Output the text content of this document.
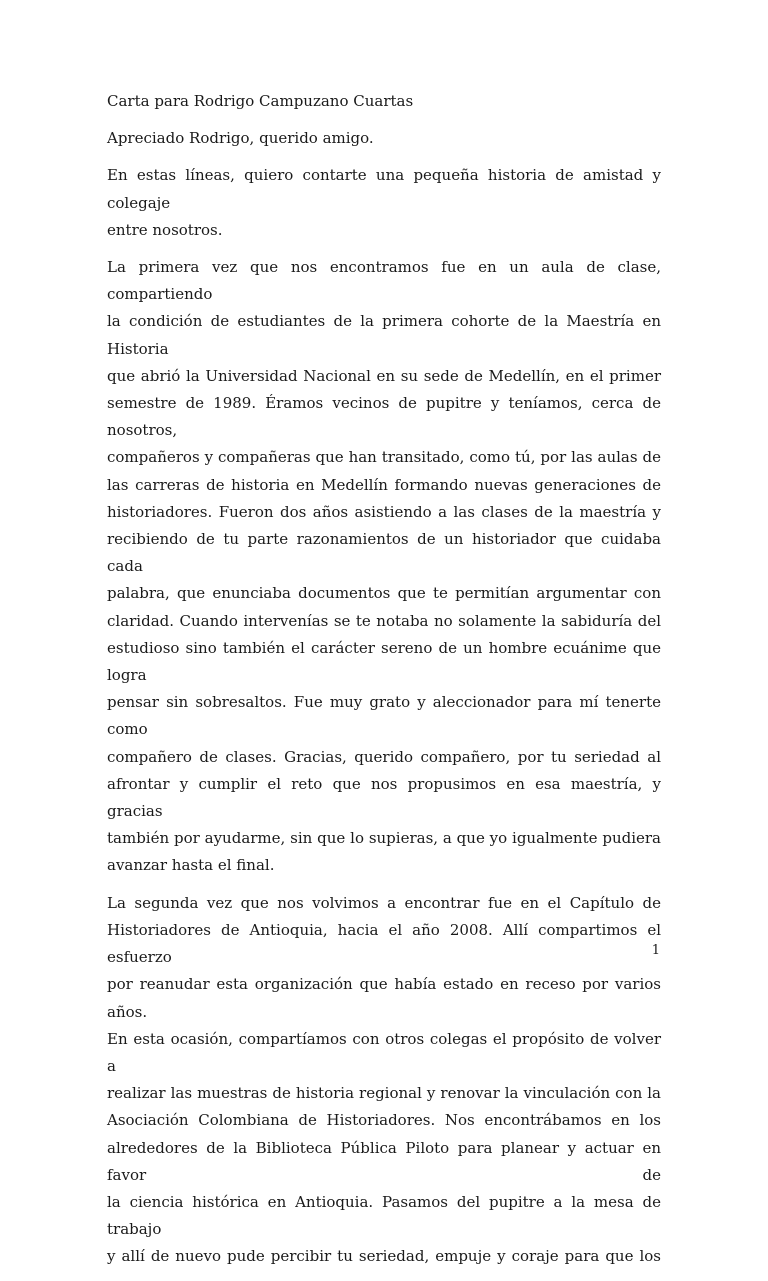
Carta para Rodrigo Campuzano Cuartas

Apreciado Rodrigo, querido amigo.

En estas líneas, quiero contarte una pequeña historia de amistad y colegaje

entre nosotros.

La primera vez que nos encontramos fue en un aula de clase, compartiendo

la condición de estudiantes de la primera cohorte de la Maestría en Historia

que abrió la Universidad Nacional en su sede de Medellín, en el primer

semestre de 1989. Éramos vecinos de pupitre y teníamos, cerca de nosotros,

compañeros y compañeras que han transitado, como tú, por las aulas de

las carreras de historia en Medellín formando nuevas generaciones de

historiadores. Fueron dos años asistiendo a las clases de la maestría y

recibiendo de tu parte razonamientos de un historiador que cuidaba cada

palabra, que enunciaba documentos que te permitían argumentar con

claridad. Cuando intervenías se te notaba no solamente la sabiduría del

estudioso sino también el carácter sereno de un hombre ecuánime que logra

pensar sin sobresaltos. Fue muy grato y aleccionador para mí tenerte como

compañero de clases. Gracias, querido compañero, por tu seriedad al

afrontar y cumplir el reto que nos propusimos en esa maestría, y gracias

también por ayudarme, sin que lo supieras, a que yo igualmente pudiera

avanzar hasta el final.

La segunda vez que nos volvimos a encontrar fue en el Capítulo de

Historiadores de Antioquia, hacia el año 2008. Allí compartimos el esfuerzo

por reanudar esta organización que había estado en receso por varios años.

En esta ocasión, compartíamos con otros colegas el propósito de volver a

realizar las muestras de historia regional y renovar la vinculación con la

Asociación Colombiana de Historiadores. Nos encontrábamos en los

alrededores de la Biblioteca Pública Piloto para planear y actuar en favor de

la ciencia histórica en Antioquia. Pasamos del pupitre a la mesa de trabajo

y allí de nuevo pude percibir tu seriedad, empuje y coraje para que los

1
